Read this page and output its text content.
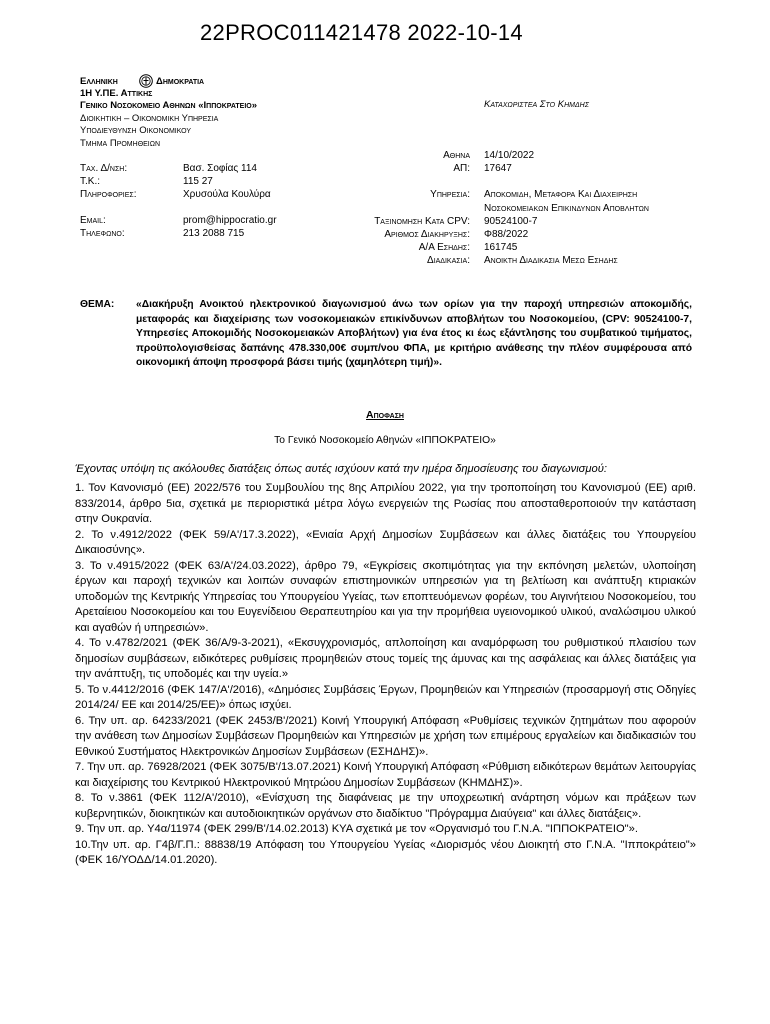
22PROC011421478 2022-10-14
Ελληνικη	Δημοκρατια
1Η Υ.ΠΕ. Αττικης
Γενικο Νοσοκομειο Αθηνων «Ιπποκρατειο»
Διοικητικη – Οικονομικη Υπηρεσια
Υποδιευθυνση Οικονομικου
Τμημα Προμηθειων
Καταχωριστεα Στο Κημδης
Ταχ. Δ/νση:	Βασ. Σοφίας 114
Τ.Κ.:	115 27
Πληροφοριες:	Χρυσούλα Κουλύρα
Email:	prom@hippocratio.gr
Τηλεφωνο:	213 2088 715
Αθηνα 14/10/2022
ΑΠ: 17647
Υπηρεσια: Αποκομιδη, Μεταφορα Και Διαχειρηση
Νοσοκομειακων Επικινδυνων Αποβλητων
Ταξινομηση Κατα CPV: 90524100-7
Αριθμος Διακηρυξης: Φ88/2022
Α/Α Εσηδης: 161745
Διαδικασια: Ανοικτη Διαδικασια Μεσω Εσηδης
ΘΕΜΑ: «Διακήρυξη Ανοικτού ηλεκτρονικού διαγωνισμού άνω των ορίων για την παροχή υπηρεσιών αποκομιδής, μεταφοράς και διαχείρισης των νοσοκομειακών επικίνδυνων αποβλήτων του Νοσοκομείου, (CPV: 90524100-7, Υπηρεσίες Αποκομιδής Νοσοκομειακών Αποβλήτων) για ένα έτος κι έως εξάντλησης του συμβατικού τιμήματος, προϋπολογισθείσας δαπάνης 478.330,00€ συμπ/νου ΦΠΑ, με κριτήριο ανάθεσης την πλέον συμφέρουσα από οικονομική άποψη προσφορά βάσει τιμής (χαμηλότερη τιμή)».
Αποφαση
Το Γενικό Νοσοκομείο Αθηνών «ΙΠΠΟΚΡΑΤΕΙΟ»
Έχοντας υπόψη τις ακόλουθες διατάξεις όπως αυτές ισχύουν κατά την ημέρα δημοσίευσης του διαγωνισμού:

1. Τον Κανονισμό (ΕΕ) 2022/576 του Συμβουλίου της 8ης Απριλίου 2022, για την τροποποίηση του Κανονισμού (ΕΕ) αριθ. 833/2014, άρθρο 5ια, σχετικά με περιοριστικά μέτρα λόγω ενεργειών της Ρωσίας που αποσταθεροποιούν την κατάσταση στην Ουκρανία.

2. Το ν.4912/2022 (ΦΕΚ 59/Α'/17.3.2022), «Ενιαία Αρχή Δημοσίων Συμβάσεων και άλλες διατάξεις του Υπουργείου Δικαιοσύνης».

3. Το ν.4915/2022 (ΦΕΚ 63/Α'/24.03.2022), άρθρο 79, «Εγκρίσεις σκοπιμότητας για την εκπόνηση μελετών, υλοποίηση έργων και παροχή τεχνικών και λοιπών συναφών επιστημονικών υπηρεσιών για τη βελτίωση και ανάπτυξη κτιριακών υποδομών της Κεντρικής Υπηρεσίας του Υπουργείου Υγείας, των εποπτευόμενων φορέων, του Αιγινήτειου Νοσοκομείου, του Αρεταίειου Νοσοκομείου και του Ευγενίδειου Θεραπευτηρίου και για την προμήθεια υγειονομικού υλικού, αναλώσιμου υλικού και αγαθών ή υπηρεσιών».

4. Το ν.4782/2021 (ΦΕΚ 36/Α/9-3-2021), «Εκσυγχρονισμός, απλοποίηση και αναμόρφωση του ρυθμιστικού πλαισίου των δημοσίων συμβάσεων, ειδικότερες ρυθμίσεις προμηθειών στους τομείς της άμυνας και της ασφάλειας και άλλες διατάξεις για την ανάπτυξη, τις υποδομές και την υγεία.»

5. Το ν.4412/2016 (ΦΕΚ 147/Α'/2016), «Δημόσιες Συμβάσεις Έργων, Προμηθειών και Υπηρεσιών (προσαρμογή στις Οδηγίες 2014/24/ ΕΕ και 2014/25/ΕΕ)» όπως ισχύει.

6. Την υπ. αρ. 64233/2021 (ΦΕΚ 2453/Β'/2021) Κοινή Υπουργική Απόφαση «Ρυθμίσεις τεχνικών ζητημάτων που αφορούν την ανάθεση των Δημοσίων Συμβάσεων Προμηθειών και Υπηρεσιών με χρήση των επιμέρους εργαλείων και διαδικασιών του Εθνικού Συστήματος Ηλεκτρονικών Δημοσίων Συμβάσεων (ΕΣΗΔΗΣ)».

7. Την υπ. αρ. 76928/2021 (ΦΕΚ 3075/Β'/13.07.2021) Κοινή Υπουργική Απόφαση «Ρύθμιση ειδικότερων θεμάτων λειτουργίας και διαχείρισης του Κεντρικού Ηλεκτρονικού Μητρώου Δημοσίων Συμβάσεων (ΚΗΜΔΗΣ)».

8. Το ν.3861 (ΦΕΚ 112/Α'/2010), «Ενίσχυση της διαφάνειας με την υποχρεωτική ανάρτηση νόμων και πράξεων των κυβερνητικών, διοικητικών και αυτοδιοικητικών οργάνων στο διαδίκτυο "Πρόγραμμα Διαύγεια" και άλλες διατάξεις».

9. Την υπ. αρ. Υ4α/11974 (ΦΕΚ 299/Β'/14.02.2013) ΚΥΑ σχετικά με τον «Οργανισμό του Γ.Ν.Α. "ΙΠΠΟΚΡΑΤΕΙΟ"».

10.Την υπ. αρ. Γ4β/Γ.Π.: 88838/19 Απόφαση του Υπουργείου Υγείας «Διορισμός νέου Διοικητή στο Γ.Ν.Α. "Ιπποκράτειο"» (ΦΕΚ 16/ΥΟΔΔ/14.01.2020).
